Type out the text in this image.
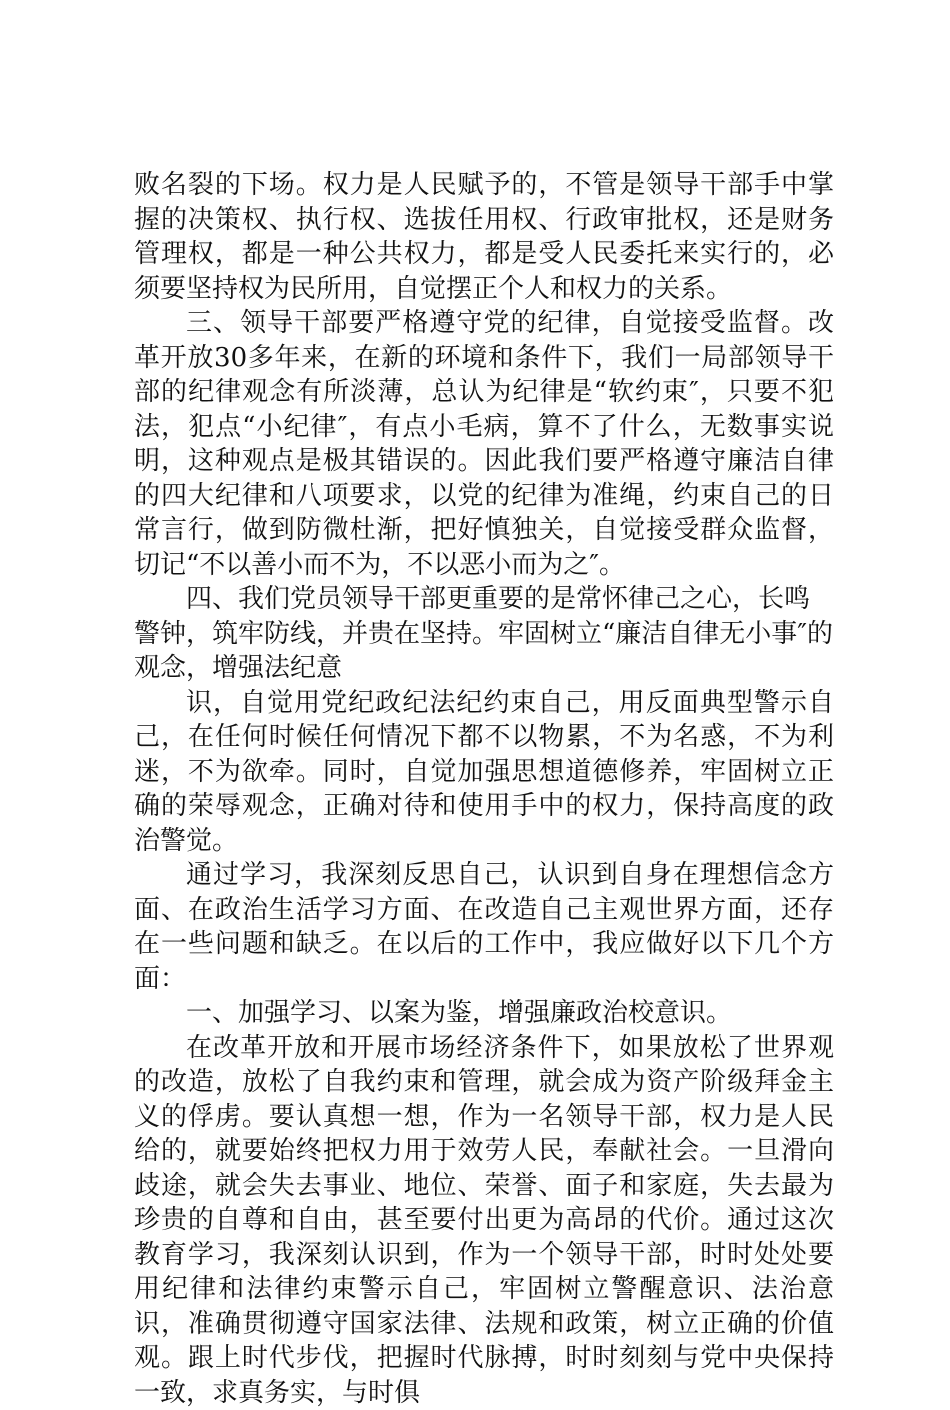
败名裂的下场。权力是人民赋予的，不管是领导干部手中掌握的决策权、执行权、选拔任用权、行政审批权，还是财务管理权，都是一种公共权力，都是受人民委托来实行的，必须要坚持权为民所用，自觉摆正个人和权力的关系。

三、领导干部要严格遵守党的纪律，自觉接受监督。改革开放30多年来，在新的环境和条件下，我们一局部领导干部的纪律观念有所淡薄，总认为纪律是“软约束″，只要不犯法，犯点“小纪律″，有点小毛病，算不了什么，无数事实说明，这种观点是极其错误的。因此我们要严格遵守廉洁自律的四大纪律和八项要求，以党的纪律为准绳，约束自己的日常言行，做到防微杜渐，把好慎独关，自觉接受群众监督，切记“不以善小而不为，不以恶小而为之″。

四、我们党员领导干部更重要的是常怀律己之心，长鸣警钟，筑牢防线，并贵在坚持。牢固树立“廉洁自律无小事″的观念，增强法纪意

识，自觉用党纪政纪法纪约束自己，用反面典型警示自己，在任何时候任何情况下都不以物累，不为名惑，不为利迷，不为欲牵。同时，自觉加强思想道德修养，牢固树立正确的荣辱观念，正确对待和使用手中的权力，保持高度的政治警觉。

通过学习，我深刻反思自己，认识到自身在理想信念方面、在政治生活学习方面、在改造自己主观世界方面，还存在一些问题和缺乏。在以后的工作中，我应做好以下几个方面：

一、加强学习、以案为鉴，增强廉政治校意识。

在改革开放和开展市场经济条件下，如果放松了世界观的改造，放松了自我约束和管理，就会成为资产阶级拜金主义的俘虏。要认真想一想，作为一名领导干部，权力是人民给的，就要始终把权力用于效劳人民，奉献社会。一旦滑向歧途，就会失去事业、地位、荣誉、面子和家庭，失去最为珍贵的自尊和自由，甚至要付出更为高昂的代价。通过这次教育学习，我深刻认识到，作为一个领导干部，时时处处要用纪律和法律约束警示自己，牢固树立警醒意识、法治意识，准确贯彻遵守国家法律、法规和政策，树立正确的价值观。跟上时代步伐，把握时代脉搏，时时刻刻与党中央保持一致，求真务实，与时俱
